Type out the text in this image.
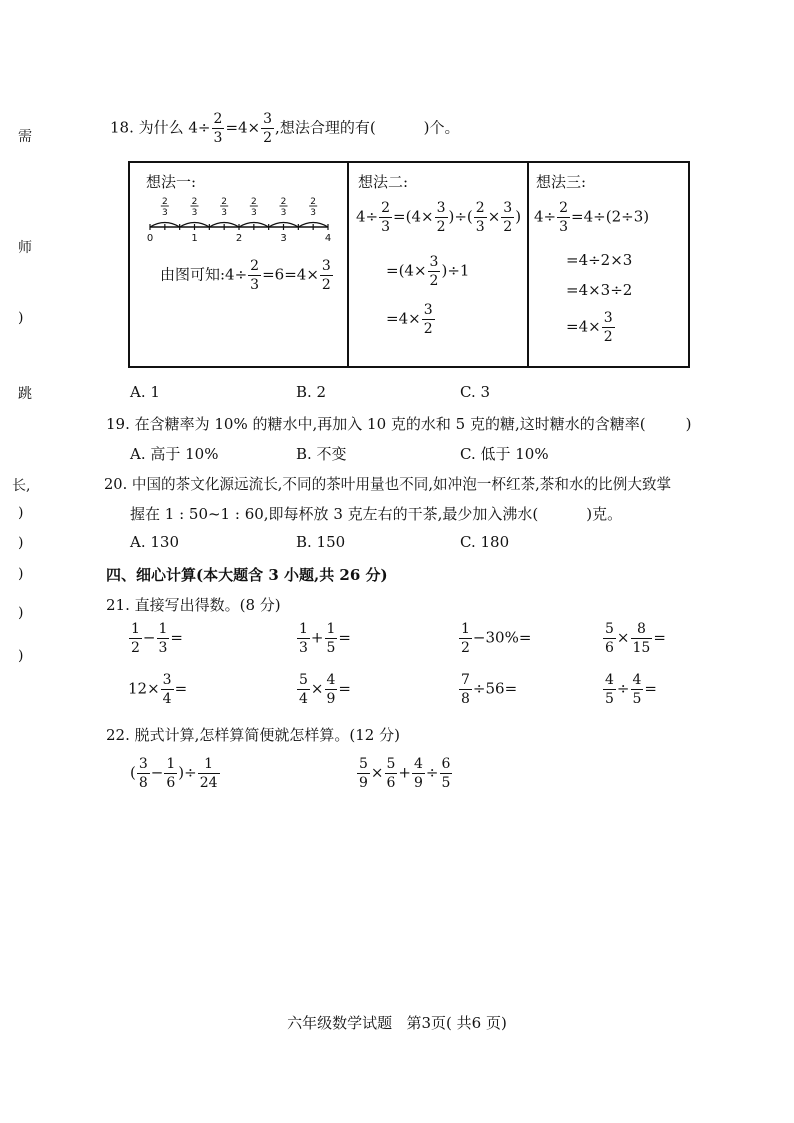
需
师
)
跳
长,
)
)
)
)
)
18. 为什么 $4\div \frac{2}{3} =4\times \frac{3}{2}$ ,想法合理的有(	)个。
想法一:
2
3
2
3
2
3
2
3
2
3
2
3
0	1	2	3	4
由图可知:4÷ $\frac{2}{3} =6=4\times \frac{3}{2}$
想法二:
$4\div \frac{2}{3} =(4\times \frac{3}{2}$ )÷( $\frac{2}{3} \times \frac{3}{2}$ )
$=(4\times \frac{3}{2} )\div 1$
$=4\times \frac{3}{2}$
想法三:
$4\div \frac{2}{3} =4\div(2\div 3)$
=4÷2×3
=4×3÷2
$=4\times \frac{3}{2}$
A. 1	B. 2	C. 3
19. 在含糖率为 10% 的糖水中,再加入 10 克的水和 5 克的糖,这时糖水的含糖率(	)
A. 高于 10%	B. 不变	C. 低于 10%
20. 中国的茶文化源远流长,不同的茶叶用量也不同,如冲泡一杯红茶,茶和水的比例大致掌
握在 1 : 50~1 : 60,即每杯放 3 克左右的干茶,最少加入沸水(	)克。
A. 130	B. 150	C. 180
四、细心计算(本大题含 3 小题,共 26 分)
21. 直接写出得数。(8 分)
$\frac{1}{2} - \frac{1}{3}$ =	$\frac{1}{3} + \frac{1}{5}$ =	$\frac{1}{2} -30\%=$	$\frac{5}{6} \times \frac{8}{15}$ =
$12\times \frac{3}{4}$ =	$\frac{5}{4} \times \frac{4}{9}$ =	$\frac{7}{8} \div 56=$	$\frac{4}{5} \div \frac{4}{5}$ =
22. 脱式计算,怎样算简便就怎样算。(12 分)
( $\frac{3}{8} - \frac{1}{6}$ )÷ $\frac{1}{24}$	$\frac{5}{9} \times \frac{5}{6} + \frac{4}{9} \div \frac{6}{5}$
六年级数学试题   第3页( 共6 页)
